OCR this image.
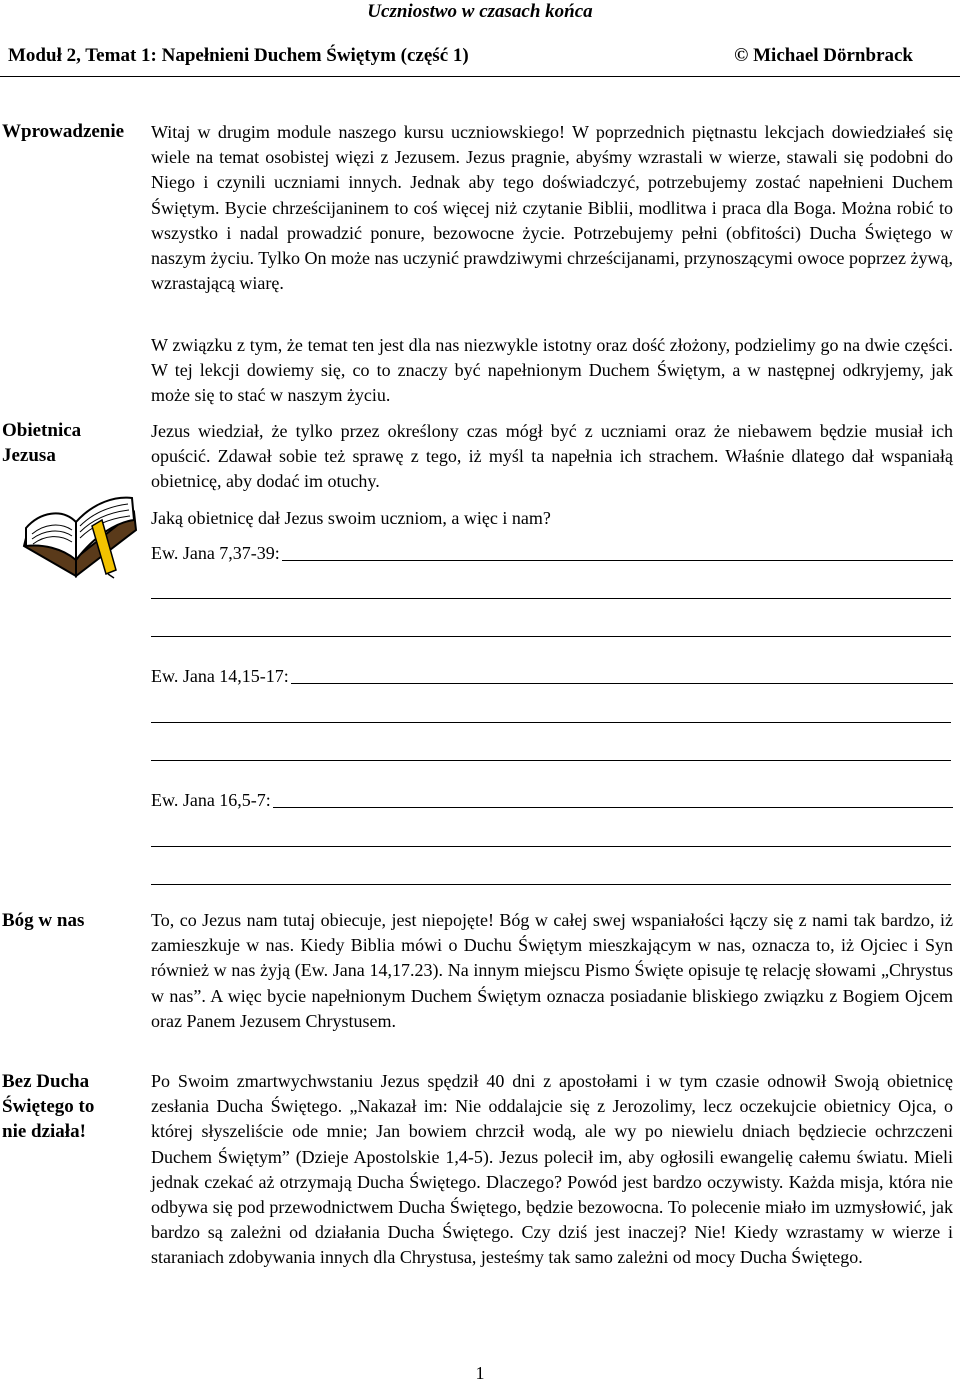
Uczniostwo w czasach końca
Moduł 2, Temat 1: Napełnieni Duchem Świętym (część 1)	© Michael Dörnbrack
Wprowadzenie	Witaj w drugim module naszego kursu uczniowskiego! W poprzednich piętnastu lekcjach dowiedziałeś się wiele na temat osobistej więzi z Jezusem. Jezus pragnie, abyśmy wzrastali w wierze, stawali się podobni do Niego i czynili uczniami innych. Jednak aby tego doświadczyć, potrzebujemy zostać napełnieni Duchem Świętym. Bycie chrześcijaninem to coś więcej niż czytanie Biblii, modlitwa i praca dla Boga. Można robić to wszystko i nadal prowadzić ponure, bezowocne życie. Potrzebujemy pełni (obfitości) Ducha Świętego w naszym życiu. Tylko On może nas uczynić prawdziwymi chrześcijanami, przynoszącymi owoce poprzez żywą, wzrastającą wiarę.

W związku z tym, że temat ten jest dla nas niezwykle istotny oraz dość złożony, podzielimy go na dwie części. W tej lekcji dowiemy się, co to znaczy być napełnionym Duchem Świętym, a w następnej odkryjemy, jak może się to stać w naszym życiu.

Obietnica
Jezusa

Jezus wiedział, że tylko przez określony czas mógł być z uczniami oraz że niebawem będzie musiał ich opuścić. Zdawał sobie też sprawę z tego, iż myśl ta napełnia ich strachem. Właśnie dlatego dał wspaniałą obietnicę, aby dodać im otuchy.

Jaką obietnicę dał Jezus swoim uczniom, a więc i nam?
Ew. Jana 7,37-39:
Ew. Jana 14,15-17:
Ew. Jana 16,5-7:
Bóg w nas	To, co Jezus nam tutaj obiecuje, jest niepojęte! Bóg w całej swej wspaniałości łączy się z nami tak bardzo, iż zamieszkuje w nas. Kiedy Biblia mówi o Duchu Świętym mieszkającym w nas, oznacza to, iż Ojciec i Syn również w nas żyją (Ew. Jana 14,17.23). Na innym miejscu Pismo Święte opisuje tę relację słowami „Chrystus w nas”. A więc bycie napełnionym Duchem Świętym oznacza posiadanie bliskiego związku z Bogiem Ojcem oraz Panem Jezusem Chrystusem.

Bez Ducha
Świętego to
nie działa!

Po Swoim zmartwychwstaniu Jezus spędził 40 dni z apostołami i w tym czasie odnowił Swoją obietnicę zesłania Ducha Świętego. „Nakazał im: Nie oddalajcie się z Jerozolimy, lecz oczekujcie obietnicy Ojca, o której słyszeliście ode mnie; Jan bowiem chrzcił wodą, ale wy po niewielu dniach będziecie ochrzczeni Duchem Świętym” (Dzieje Apostolskie 1,4-5). Jezus polecił im, aby ogłosili ewangelię całemu światu. Mieli jednak czekać aż otrzymają Ducha Świętego. Dlaczego? Powód jest bardzo oczywisty. Każda misja, która nie odbywa się pod przewodnictwem Ducha Świętego, będzie bezowocna. To polecenie miało im uzmysłowić, jak bardzo są zależni od działania Ducha Świętego. Czy dziś jest inaczej? Nie! Kiedy wzrastamy w wierze i staraniach zdobywania innych dla Chrystusa, jesteśmy tak samo zależni od mocy Ducha Świętego.

1
